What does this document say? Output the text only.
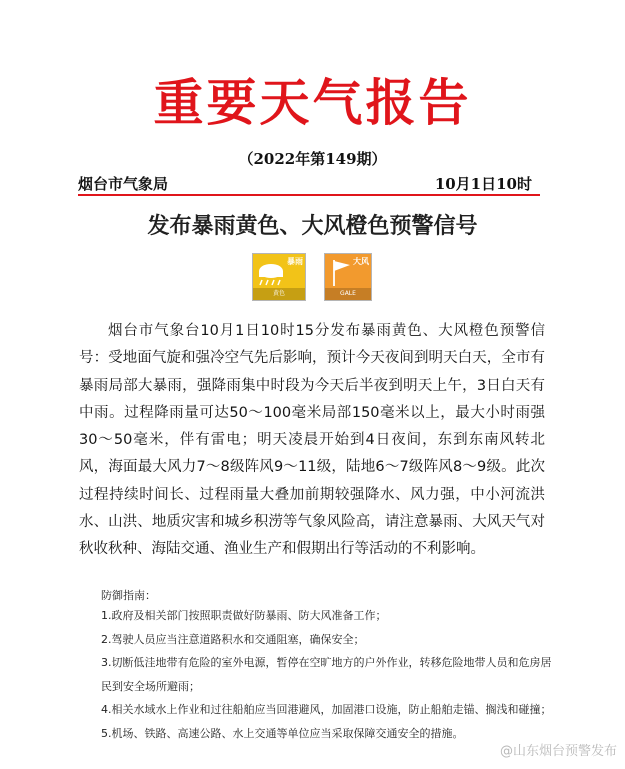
重要天气报告
（2022年第149期）
烟台市气象局	10月1日10时
发布暴雨黄色、大风橙色预警信号
暴雨
黄色
大风
GALE

烟台市气象台10月1日10时15分发布暴雨黄色、大风橙色预警信号：受地面气旋和强冷空气先后影响，预计今天夜间到明天白天，全市有暴雨局部大暴雨，强降雨集中时段为今天后半夜到明天上午，3日白天有中雨。过程降雨量可达50～100毫米局部150毫米以上，最大小时雨强30～50毫米，伴有雷电；明天凌晨开始到4日夜间，东到东南风转北风，海面最大风力7～8级阵风9～11级，陆地6～7级阵风8～9级。此次过程持续时间长、过程雨量大叠加前期较强降水、风力强，中小河流洪水、山洪、地质灾害和城乡积涝等气象风险高，请注意暴雨、大风天气对秋收秋种、海陆交通、渔业生产和假期出行等活动的不利影响。

防御指南：
1.政府及相关部门按照职责做好防暴雨、防大风准备工作；
2.驾驶人员应当注意道路积水和交通阻塞，确保安全；
3.切断低洼地带有危险的室外电源，暂停在空旷地方的户外作业，转移危险地带人员和危房居民到安全场所避雨；
4.相关水域水上作业和过往船舶应当回港避风，加固港口设施，防止船舶走锚、搁浅和碰撞；
5.机场、铁路、高速公路、水上交通等单位应当采取保障交通安全的措施。
@山东烟台预警发布
